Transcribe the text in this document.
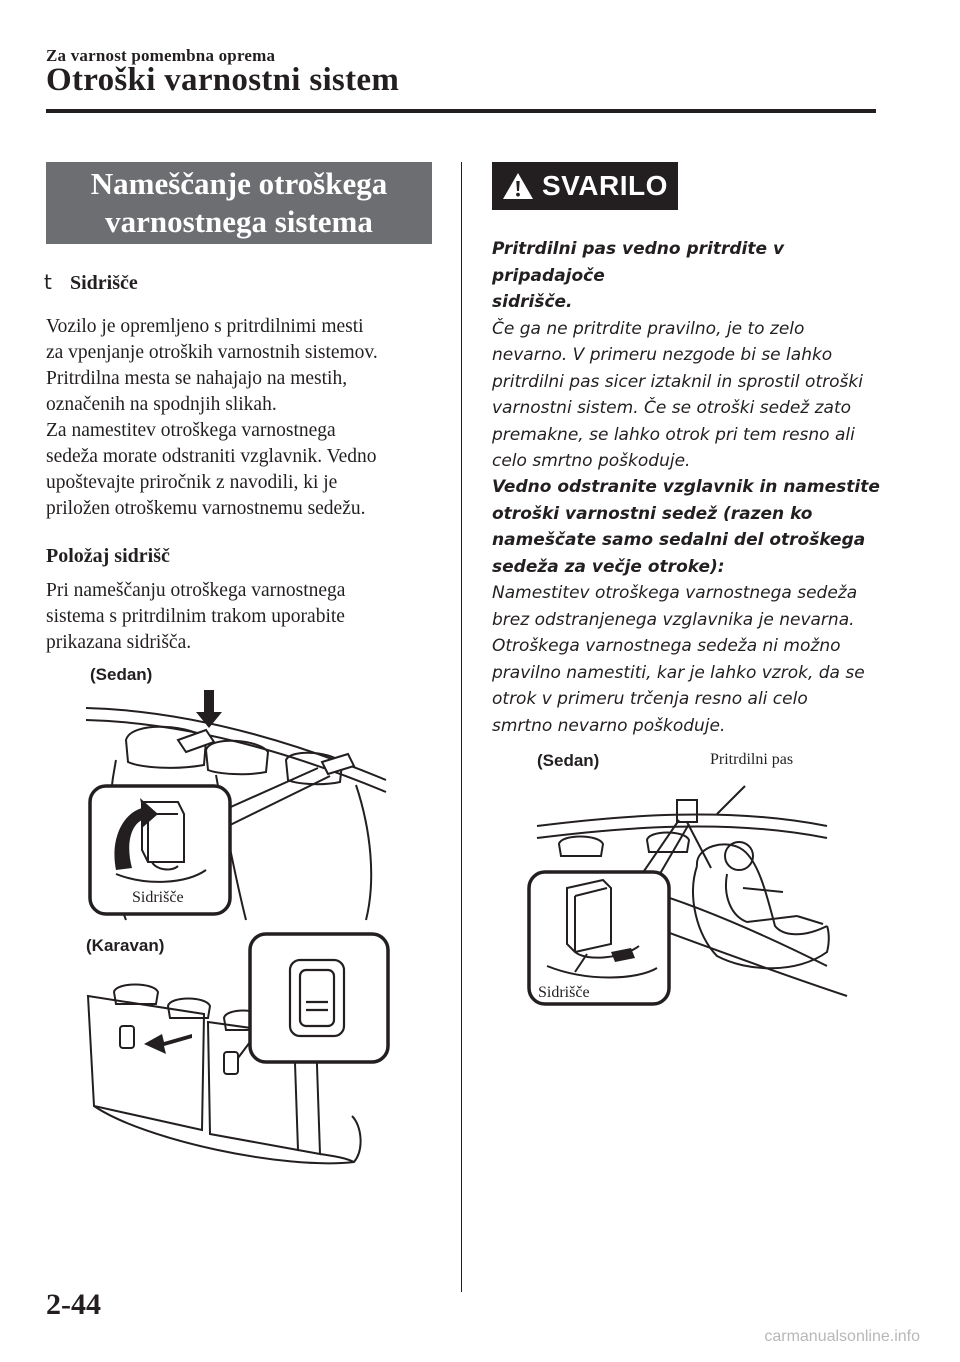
Za varnost pomembna oprema
Otroški varnostni sistem
Nameščanje otroškega
varnostnega sistema
t Sidrišče
Vozilo je opremljeno s pritrdilnimi mesti
za vpenjanje otroških varnostnih sistemov.
Pritrdilna mesta se nahajajo na mestih,
označenih na spodnjih slikah.
Za namestitev otroškega varnostnega
sedeža morate odstraniti vzglavnik. Vedno
upoštevajte priročnik z navodili, ki je
priložen otroškemu varnostnemu sedežu.
Položaj sidrišč
Pri nameščanju otroškega varnostnega
sistema s pritrdilnim trakom uporabite
prikazana sidrišča.
(Sedan)
Sidrišče
(Karavan)
SVARILO
Pritrdilni pas vedno pritrdite v pripadajoče
sidrišče.
Če ga ne pritrdite pravilno, je to zelo
nevarno. V primeru nezgode bi se lahko
pritrdilni pas sicer iztaknil in sprostil otroški
varnostni sistem. Če se otroški sedež zato
premakne, se lahko otrok pri tem resno ali
celo smrtno poškoduje.
Vedno odstranite vzglavnik in namestite
otroški varnostni sedež (razen ko
nameščate samo sedalni del otroškega
sedeža za večje otroke):
Namestitev otroškega varnostnega sedeža
brez odstranjenega vzglavnika je nevarna.
Otroškega varnostnega sedeža ni možno
pravilno namestiti, kar je lahko vzrok, da se
otrok v primeru trčenja resno ali celo
smrtno nevarno poškoduje.
(Sedan)	Pritrdilni pas
Sidrišče
2-44
carmanualsonline.info
